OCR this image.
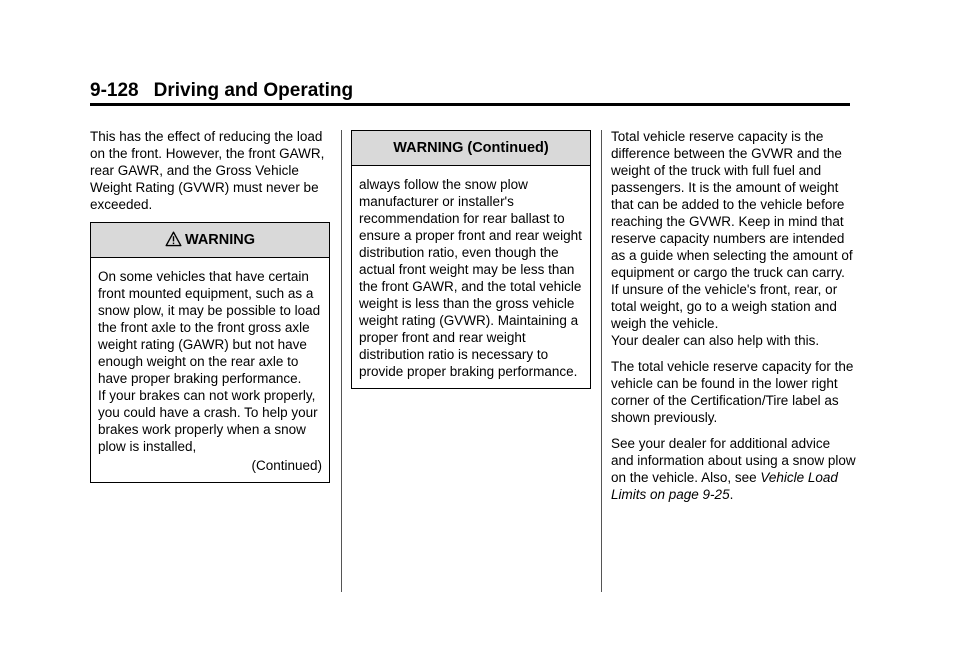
9-128 Driving and Operating

This has the effect of reducing the load on the front. However, the front GAWR, rear GAWR, and the Gross Vehicle Weight Rating (GVWR) must never be exceeded.

WARNING

On some vehicles that have certain front mounted equipment, such as a snow plow, it may be possible to load the front axle to the front gross axle weight rating (GAWR) but not have enough weight on the rear axle to have proper braking performance.

If your brakes can not work properly, you could have a crash. To help your brakes work properly when a snow plow is installed,

(Continued)

WARNING (Continued)

always follow the snow plow manufacturer or installer's recommendation for rear ballast to ensure a proper front and rear weight distribution ratio, even though the actual front weight may be less than the front GAWR, and the total vehicle weight is less than the gross vehicle weight rating (GVWR). Maintaining a proper front and rear weight distribution ratio is necessary to provide proper braking performance.

Total vehicle reserve capacity is the difference between the GVWR and the weight of the truck with full fuel and passengers. It is the amount of weight that can be added to the vehicle before reaching the GVWR. Keep in mind that reserve capacity numbers are intended as a guide when selecting the amount of equipment or cargo the truck can carry. If unsure of the vehicle's front, rear, or total weight, go to a weigh station and weigh the vehicle.

Your dealer can also help with this.

The total vehicle reserve capacity for the vehicle can be found in the lower right corner of the Certification/Tire label as shown previously.

See your dealer for additional advice and information about using a snow plow on the vehicle. Also, see Vehicle Load Limits on page 9-25.
